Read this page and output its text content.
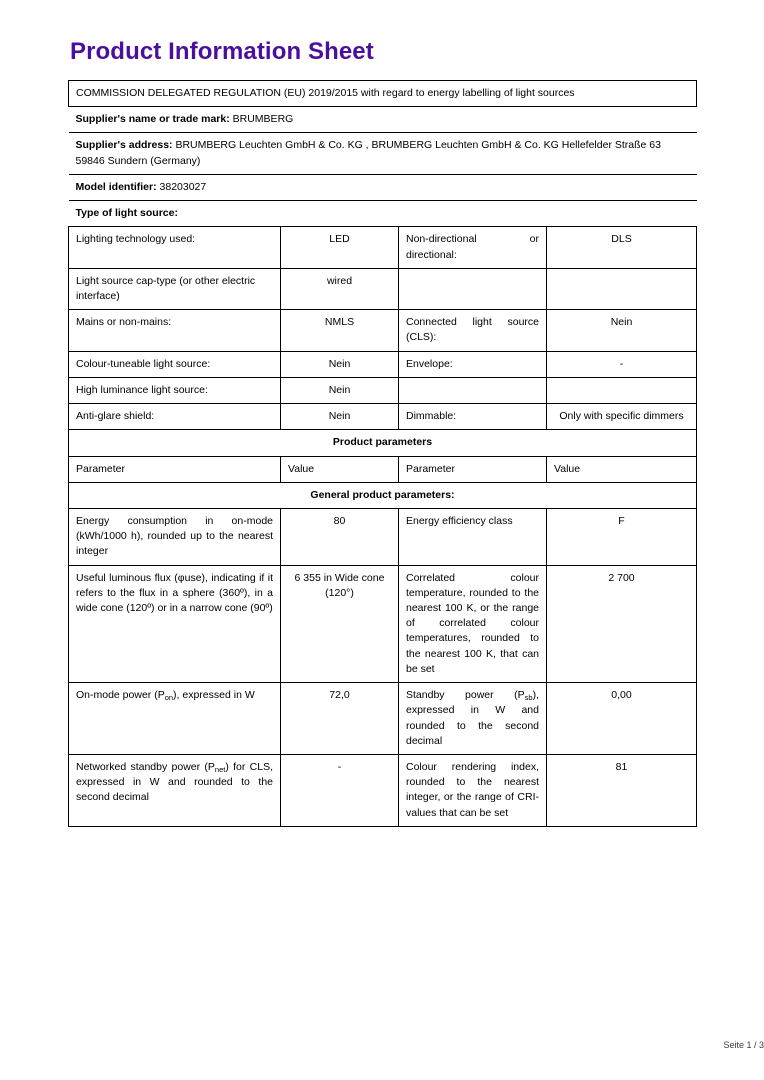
Product Information Sheet
COMMISSION DELEGATED REGULATION (EU) 2019/2015 with regard to energy labelling of light sources			
Supplier's name or trade mark: BRUMBERG			
Supplier's address: BRUMBERG Leuchten GmbH & Co. KG , BRUMBERG Leuchten GmbH & Co. KG Hellefelder Straße 63 59846 Sundern (Germany)			
Model identifier: 38203027			
Type of light source:			
Lighting technology used:	LED	Non-directional or directional:	DLS
Light source cap-type (or other electric interface)	wired		
Mains or non-mains:	NMLS	Connected light source (CLS):	Nein
Colour-tuneable light source:	Nein	Envelope:	-
High luminance light source:	Nein		
Anti-glare shield:	Nein	Dimmable:	Only with specific dimmers
Product parameters			
Parameter	Value	Parameter	Value
General product parameters:			
Energy consumption in on-mode (kWh/1000 h), rounded up to the nearest integer	80	Energy efficiency class	F
Useful luminous flux (φuse), indicating if it refers to the flux in a sphere (360º), in a wide cone (120º) or in a narrow cone (90º)	6 355 in Wide cone (120°)	Correlated colour temperature, rounded to the nearest 100 K, or the range of correlated colour temperatures, rounded to the nearest 100 K, that can be set	2 700
On-mode power $(P_{on})$, expressed in W	72,0	Standby power $(P_{sb})$, expressed in W and rounded to the second decimal	0,00
Networked standby power $(P_{net})$ for CLS, expressed in W and rounded to the second decimal	-	Colour rendering index, rounded to the nearest integer, or the range of CRI-values that can be set	81
Seite 1 / 3
